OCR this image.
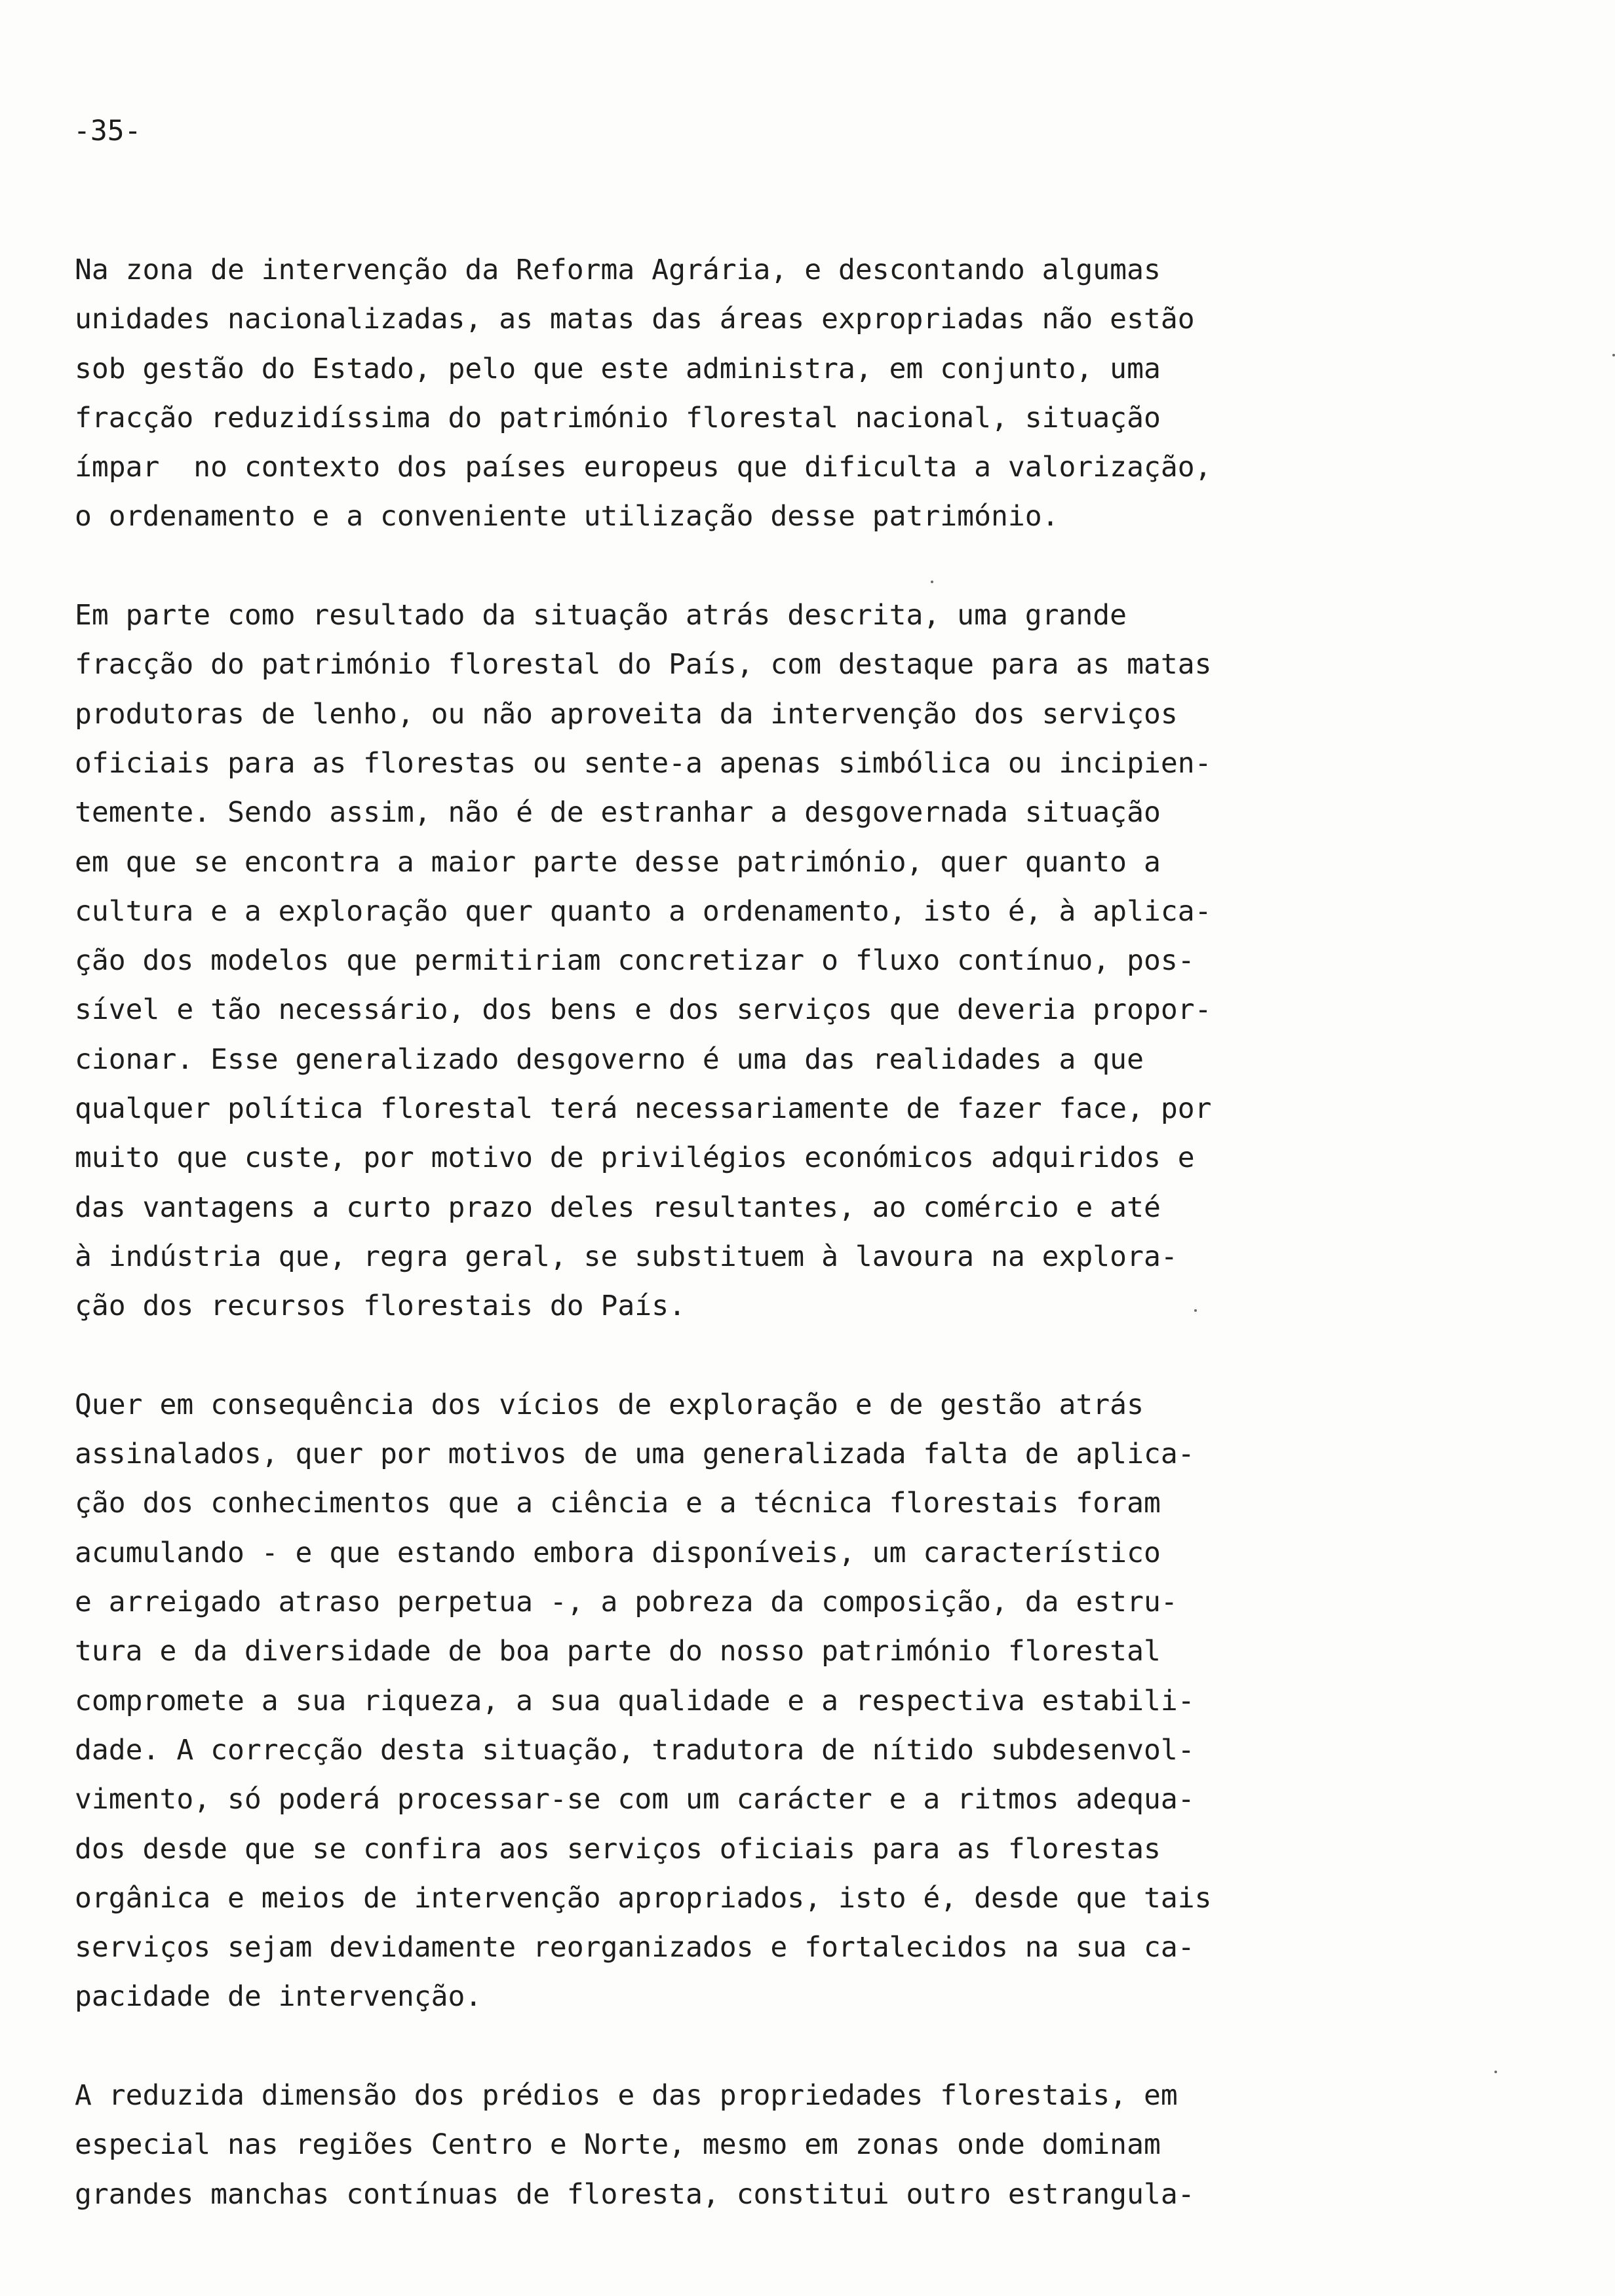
-35-
Na zona de intervenção da Reforma Agrária, e descontando algumas
unidades nacionalizadas, as matas das áreas expropriadas não estão
sob gestão do Estado, pelo que este administra, em conjunto, uma
fracção reduzidíssima do património florestal nacional, situação
ímpar  no contexto dos países europeus que dificulta a valorização,
o ordenamento e a conveniente utilização desse património.
Em parte como resultado da situação atrás descrita, uma grande
fracção do património florestal do País, com destaque para as matas
produtoras de lenho, ou não aproveita da intervenção dos serviços
oficiais para as florestas ou sente-a apenas simbólica ou incipien-
temente. Sendo assim, não é de estranhar a desgovernada situação
em que se encontra a maior parte desse património, quer quanto a
cultura e a exploração quer quanto a ordenamento, isto é, à aplica-
ção dos modelos que permitiriam concretizar o fluxo contínuo, pos-
sível e tão necessário, dos bens e dos serviços que deveria propor-
cionar. Esse generalizado desgoverno é uma das realidades a que
qualquer política florestal terá necessariamente de fazer face, por
muito que custe, por motivo de privilégios económicos adquiridos e
das vantagens a curto prazo deles resultantes, ao comércio e até
à indústria que, regra geral, se substituem à lavoura na explora-
ção dos recursos florestais do País.
Quer em consequência dos vícios de exploração e de gestão atrás
assinalados, quer por motivos de uma generalizada falta de aplica-
ção dos conhecimentos que a ciência e a técnica florestais foram
acumulando - e que estando embora disponíveis, um característico
e arreigado atraso perpetua -, a pobreza da composição, da estru-
tura e da diversidade de boa parte do nosso património florestal
compromete a sua riqueza, a sua qualidade e a respectiva estabili-
dade. A correcção desta situação, tradutora de nítido subdesenvol-
vimento, só poderá processar-se com um carácter e a ritmos adequa-
dos desde que se confira aos serviços oficiais para as florestas
orgânica e meios de intervenção apropriados, isto é, desde que tais
serviços sejam devidamente reorganizados e fortalecidos na sua ca-
pacidade de intervenção.
A reduzida dimensão dos prédios e das propriedades florestais, em
especial nas regiões Centro e Norte, mesmo em zonas onde dominam
grandes manchas contínuas de floresta, constitui outro estrangula-
